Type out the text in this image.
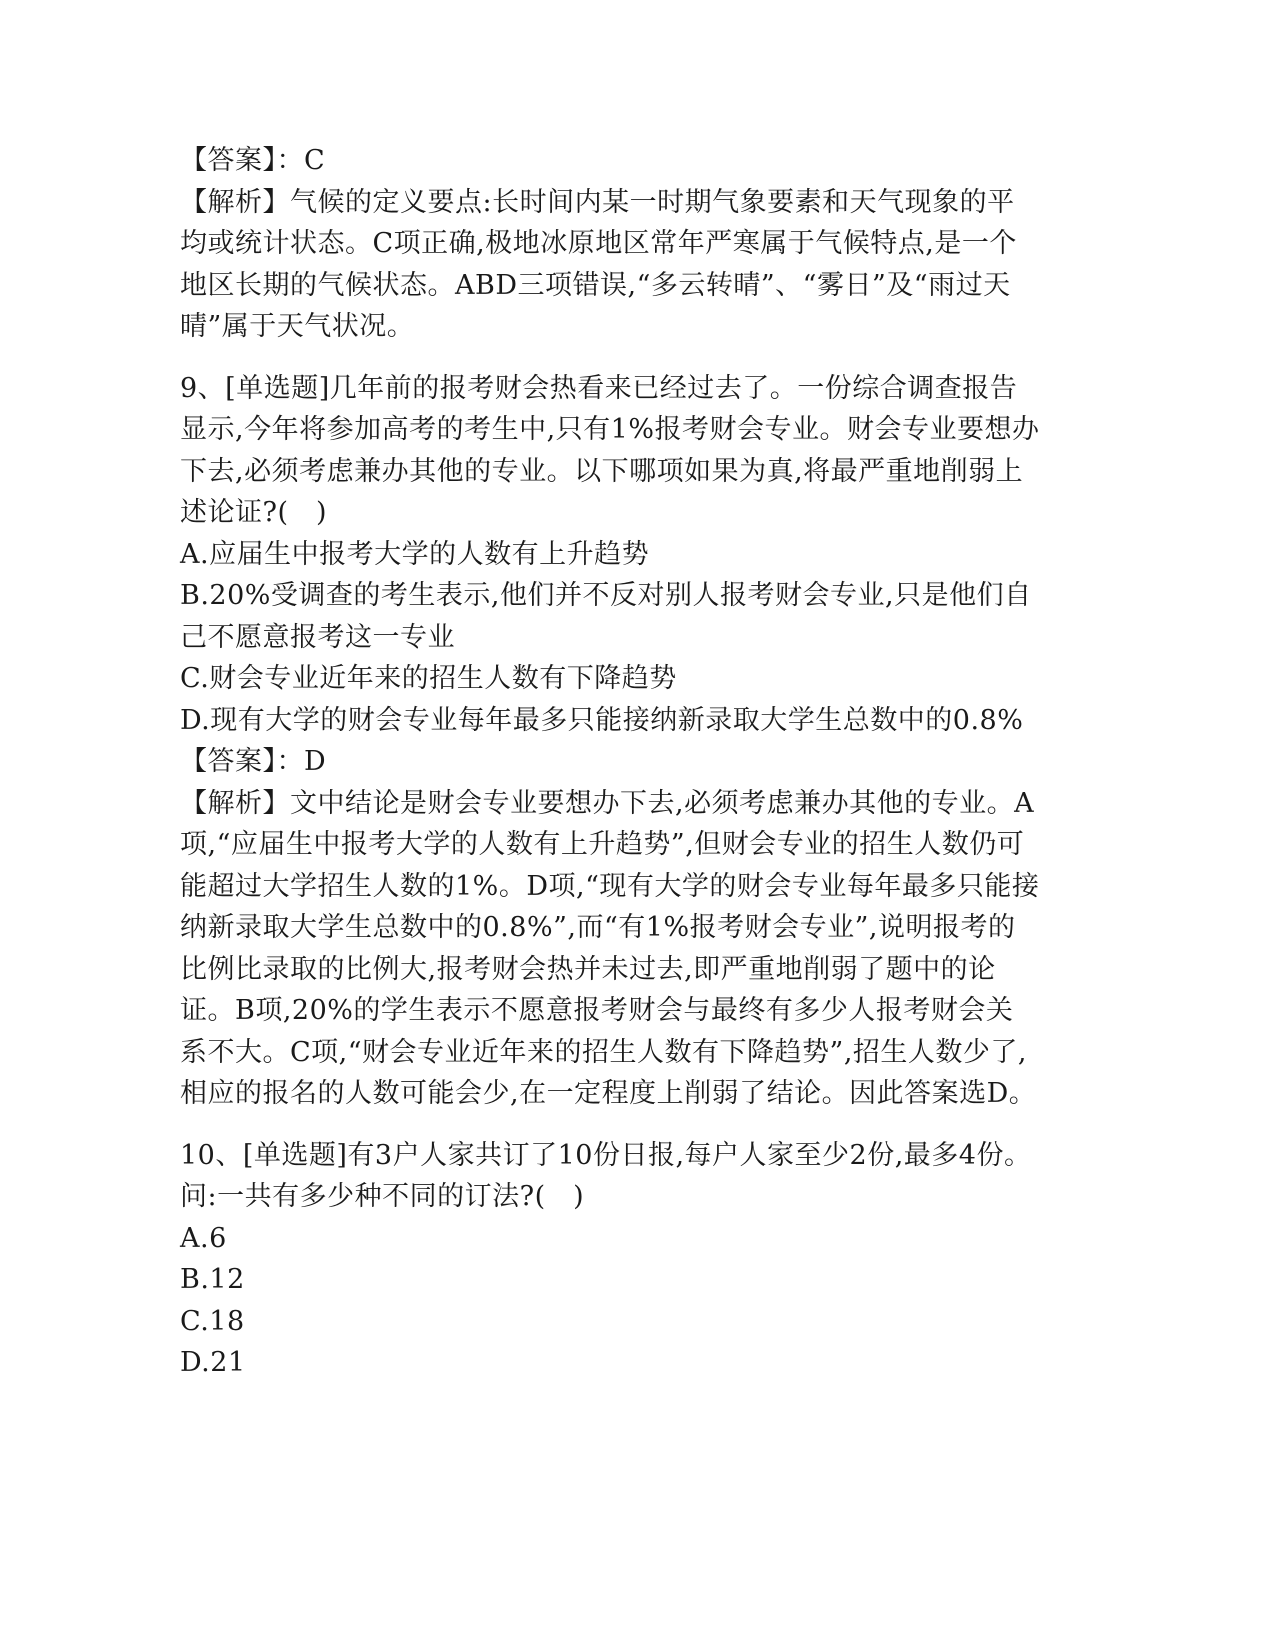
【答案】：C
【解析】气候的定义要点:长时间内某一时期气象要素和天气现象的平均或统计状态。C项正确,极地冰原地区常年严寒属于气候特点,是一个地区长期的气候状态。ABD三项错误,“多云转晴”、“雾日”及“雨过天晴”属于天气状况。
9、[单选题]几年前的报考财会热看来已经过去了。一份综合调查报告显示,今年将参加高考的考生中,只有1%报考财会专业。财会专业要想办下去,必须考虑兼办其他的专业。以下哪项如果为真,将最严重地削弱上述论证?(　)
A.应届生中报考大学的人数有上升趋势
B.20%受调查的考生表示,他们并不反对别人报考财会专业,只是他们自己不愿意报考这一专业
C.财会专业近年来的招生人数有下降趋势
D.现有大学的财会专业每年最多只能接纳新录取大学生总数中的0.8%
【答案】：D
【解析】文中结论是财会专业要想办下去,必须考虑兼办其他的专业。A项,“应届生中报考大学的人数有上升趋势”,但财会专业的招生人数仍可能超过大学招生人数的1%。D项,“现有大学的财会专业每年最多只能接纳新录取大学生总数中的0.8%”,而“有1%报考财会专业”,说明报考的比例比录取的比例大,报考财会热并未过去,即严重地削弱了题中的论证。B项,20%的学生表示不愿意报考财会与最终有多少人报考财会关系不大。C项,“财会专业近年来的招生人数有下降趋势”,招生人数少了,相应的报名的人数可能会少,在一定程度上削弱了结论。因此答案选D。
10、[单选题]有3户人家共订了10份日报,每户人家至少2份,最多4份。问:一共有多少种不同的订法?(　)
A.6
B.12
C.18
D.21
